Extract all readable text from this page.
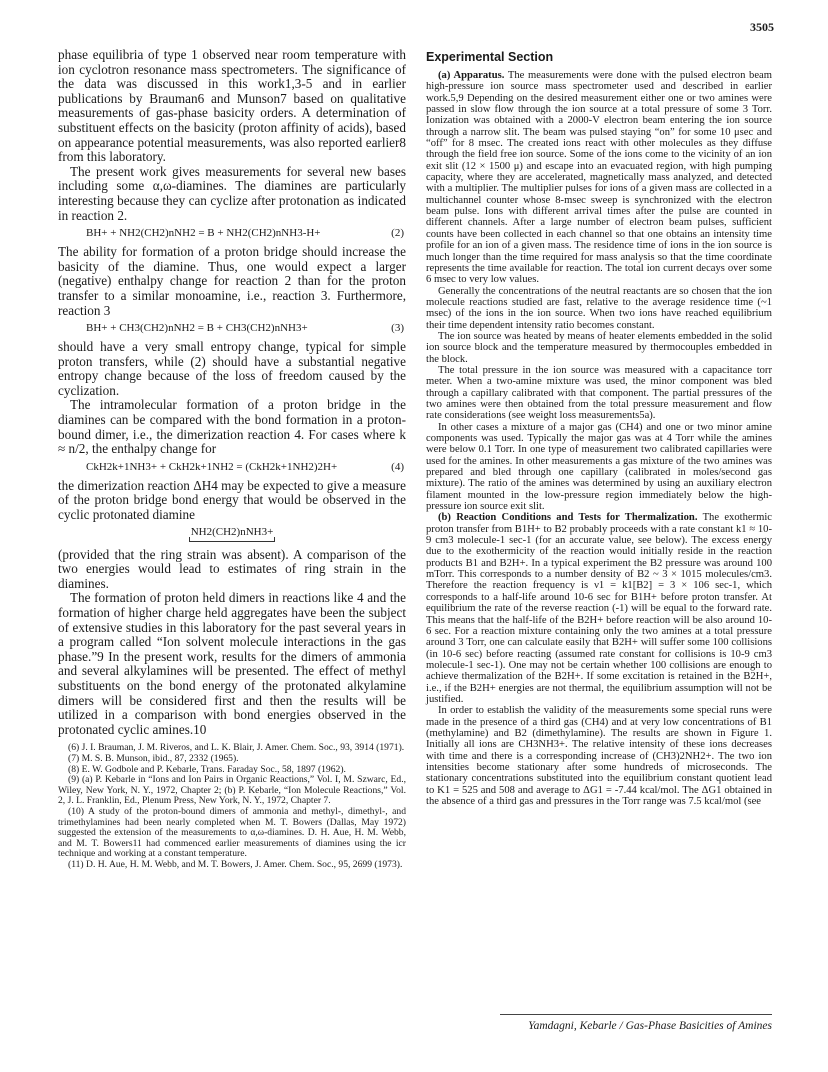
3505

phase equilibria of type 1 observed near room temperature with ion cyclotron resonance mass spectrometers. The significance of the data was discussed in this work1,3-5 and in earlier publications by Brauman6 and Munson7 based on qualitative measurements of gas-phase basicity orders. A determination of substituent effects on the basicity (proton affinity of acids), based on appearance potential measurements, was also reported earlier8 from this laboratory.

The present work gives measurements for several new bases including some α,ω-diamines. The diamines are particularly interesting because they can cyclize after protonation as indicated in reaction 2.

BH+ + NH2(CH2)nNH2 = B + NH2(CH2)nNH3-H+	(2)

The ability for formation of a proton bridge should increase the basicity of the diamine. Thus, one would expect a larger (negative) enthalpy change for reaction 2 than for the proton transfer to a similar monoamine, i.e., reaction 3. Furthermore, reaction 3

BH+ + CH3(CH2)nNH2 = B + CH3(CH2)nNH3+	(3)

should have a very small entropy change, typical for simple proton transfers, while (2) should have a substantial negative entropy change because of the loss of freedom caused by the cyclization.

The intramolecular formation of a proton bridge in the diamines can be compared with the bond formation in a proton-bound dimer, i.e., the dimerization reaction 4. For cases where k ≈ n/2, the enthalpy change for

CkH2k+1NH3+ + CkH2k+1NH2 = (CkH2k+1NH2)2H+	(4)

the dimerization reaction ΔH4 may be expected to give a measure of the proton bridge bond energy that would be observed in the cyclic protonated diamine

NH2(CH2)nNH3+

(provided that the ring strain was absent). A comparison of the two energies would lead to estimates of ring strain in the diamines.

The formation of proton held dimers in reactions like 4 and the formation of higher charge held aggregates have been the subject of extensive studies in this laboratory for the past several years in a program called “Ion solvent molecule interactions in the gas phase.”9 In the present work, results for the dimers of ammonia and several alkylamines will be presented. The effect of methyl substituents on the bond energy of the protonated alkylamine dimers will be considered first and then the results will be utilized in a comparison with bond energies observed in the protonated cyclic amines.10

(6) J. I. Brauman, J. M. Riveros, and L. K. Blair, J. Amer. Chem. Soc., 93, 3914 (1971).

(7) M. S. B. Munson, ibid., 87, 2332 (1965).

(8) E. W. Godbole and P. Kebarle, Trans. Faraday Soc., 58, 1897 (1962).

(9) (a) P. Kebarle in “Ions and Ion Pairs in Organic Reactions,” Vol. I, M. Szwarc, Ed., Wiley, New York, N. Y., 1972, Chapter 2; (b) P. Kebarle, “Ion Molecule Reactions,” Vol. 2, J. L. Franklin, Ed., Plenum Press, New York, N. Y., 1972, Chapter 7.

(10) A study of the proton-bound dimers of ammonia and methyl-, dimethyl-, and trimethylamines had been nearly completed when M. T. Bowers (Dallas, May 1972) suggested the extension of the measurements to α,ω-diamines. D. H. Aue, H. M. Webb, and M. T. Bowers11 had commenced earlier measurements of diamines using the icr technique and working at a constant temperature.

(11) D. H. Aue, H. M. Webb, and M. T. Bowers, J. Amer. Chem. Soc., 95, 2699 (1973).

Experimental Section

(a) Apparatus. The measurements were done with the pulsed electron beam high-pressure ion source mass spectrometer used and described in earlier work.5,9 Depending on the desired measurement either one or two amines were passed in slow flow through the ion source at a total pressure of some 3 Torr. Ionization was obtained with a 2000-V electron beam entering the ion source through a narrow slit. The beam was pulsed staying “on” for some 10 μsec and “off” for 8 msec. The created ions react with other molecules as they diffuse through the field free ion source. Some of the ions come to the vicinity of an ion exit slit (12 × 1500 μ) and escape into an evacuated region, with high pumping capacity, where they are accelerated, magnetically mass analyzed, and detected with a multiplier. The multiplier pulses for ions of a given mass are collected in a multichannel counter whose 8-msec sweep is synchronized with the electron beam pulse. Ions with different arrival times after the pulse are counted in different channels. After a large number of electron beam pulses, sufficient counts have been collected in each channel so that one obtains an intensity time profile for an ion of a given mass. The residence time of ions in the ion source is much longer than the time required for mass analysis so that the time coordinate represents the time available for reaction. The total ion current decays over some 6 msec to very low values.

Generally the concentrations of the neutral reactants are so chosen that the ion molecule reactions studied are fast, relative to the average residence time (~1 msec) of the ions in the ion source. When two ions have reached equilibrium their time dependent intensity ratio becomes constant.

The ion source was heated by means of heater elements embedded in the solid ion source block and the temperature measured by thermocouples embedded in the block.

The total pressure in the ion source was measured with a capacitance torr meter. When a two-amine mixture was used, the minor component was bled through a capillary calibrated with that component. The partial pressures of the two amines were then obtained from the total pressure measurement and flow rate considerations (see weight loss measurements5a).

In other cases a mixture of a major gas (CH4) and one or two minor amine components was used. Typically the major gas was at 4 Torr while the amines were below 0.1 Torr. In one type of measurement two calibrated capillaries were used for the amines. In other measurements a gas mixture of the two amines was prepared and bled through one capillary (calibrated in moles/second gas mixture). The ratio of the amines was determined by using an auxiliary electron filament mounted in the low-pressure region immediately below the high-pressure ion source exit slit.

(b) Reaction Conditions and Tests for Thermalization. The exothermic proton transfer from B1H+ to B2 probably proceeds with a rate constant k1 ≈ 10-9 cm3 molecule-1 sec-1 (for an accurate value, see below). The excess energy due to the exothermicity of the reaction would initially reside in the reaction products B1 and B2H+. In a typical experiment the B2 pressure was around 100 mTorr. This corresponds to a number density of B2 ~ 3 × 1015 molecules/cm3. Therefore the reaction frequency is ν1 = k1[B2] = 3 × 106 sec-1, which corresponds to a half-life around 10-6 sec for B1H+ before proton transfer. At equilibrium the rate of the reverse reaction (-1) will be equal to the forward rate. This means that the half-life of the B2H+ before reaction will be also around 10-6 sec. For a reaction mixture containing only the two amines at a total pressure around 3 Torr, one can calculate easily that B2H+ will suffer some 100 collisions (in 10-6 sec) before reacting (assumed rate constant for collisions is 10-9 cm3 molecule-1 sec-1). One may not be certain whether 100 collisions are enough to achieve thermalization of the B2H+. If some excitation is retained in the B2H+, i.e., if the B2H+ energies are not thermal, the equilibrium assumption will not be justified.

In order to establish the validity of the measurements some special runs were made in the presence of a third gas (CH4) and at very low concentrations of B1 (methylamine) and B2 (dimethylamine). The results are shown in Figure 1. Initially all ions are CH3NH3+. The relative intensity of these ions decreases with time and there is a corresponding increase of (CH3)2NH2+. The two ion intensities become stationary after some hundreds of microseconds. The stationary concentrations substituted into the equilibrium constant quotient lead to K1 = 525 and 508 and average to ΔG1 = -7.44 kcal/mol. The ΔG1 obtained in the absence of a third gas and pressures in the Torr range was 7.5 kcal/mol (see

Yamdagni, Kebarle / Gas-Phase Basicities of Amines
